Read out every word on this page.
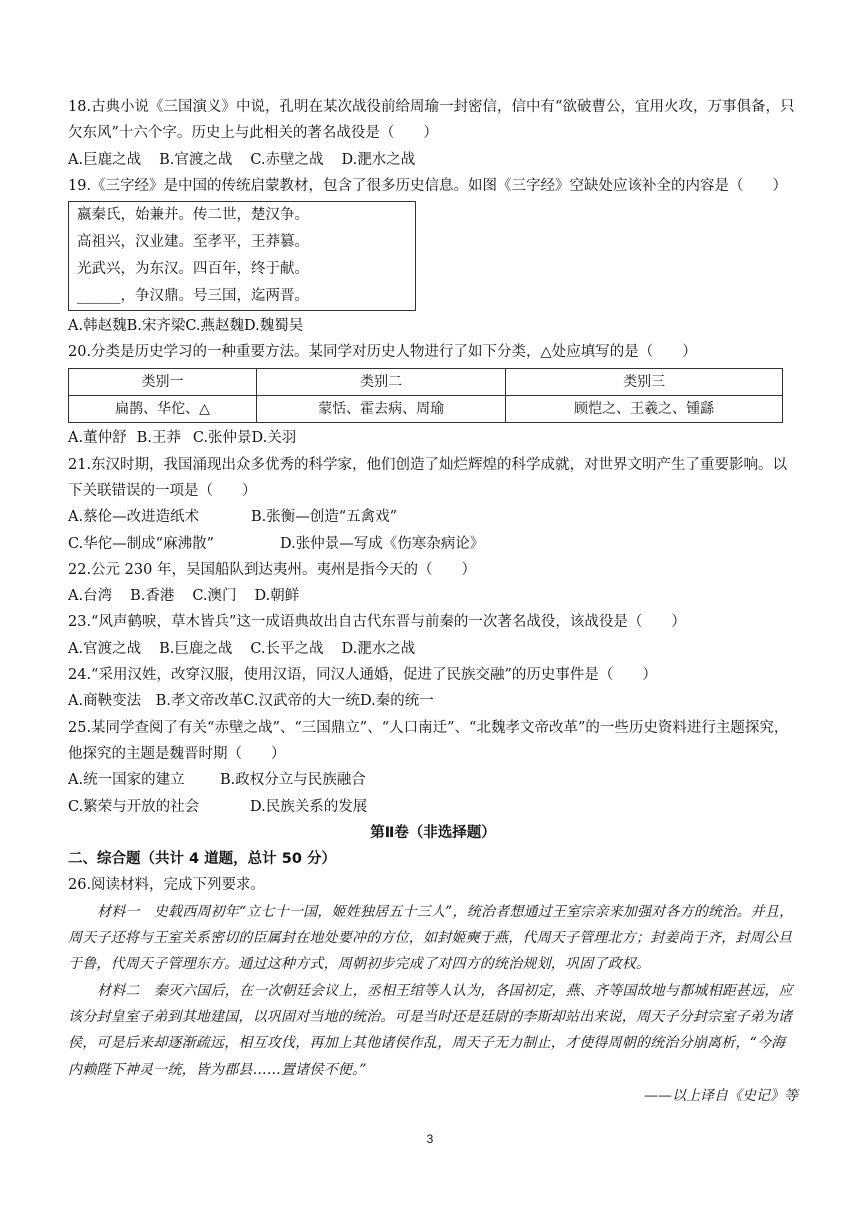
18.古典小说《三国演义》中说，孔明在某次战役前给周瑜一封密信，信中有“欲破曹公，宜用火攻，万事俱备，只欠东风”十六个字。历史上与此相关的著名战役是（　　）

A.巨鹿之战 B.官渡之战 C.赤壁之战 D.淝水之战

19.《三字经》是中国的传统启蒙教材，包含了很多历史信息。如图《三字经》空缺处应该补全的内容是（　　）

嬴秦氏，始兼并。传二世，楚汉争。

高祖兴，汉业建。至孝平，王莽篡。

光武兴，为东汉。四百年，终于献。

______，争汉鼎。号三国，迄两晋。

A.韩赵魏B.宋齐梁C.燕赵魏D.魏蜀吴

20.分类是历史学习的一种重要方法。某同学对历史人物进行了如下分类，△处应填写的是（　　）

类别一	类别二	类别三
扁鹊、华佗、△	蒙恬、霍去病、周瑜	顾恺之、王羲之、锺繇

A.董仲舒 B.王莽 C.张仲景D.关羽

21.东汉时期，我国涌现出众多优秀的科学家，他们创造了灿烂辉煌的科学成就，对世界文明产生了重要影响。以下关联错误的一项是（　　）

A.蔡伦—改进造纸术	B.张衡—创造“五禽戏”

C.华佗—制成“麻沸散”	D.张仲景—写成《伤寒杂病论》

22.公元 230 年，吴国船队到达夷州。夷州是指今天的（　　）

A.台湾 B.香港 C.澳门 D.朝鲜

23.“风声鹤唳，草木皆兵”这一成语典故出自古代东晋与前秦的一次著名战役，该战役是（　　）

A.官渡之战 B.巨鹿之战 C.长平之战 D.淝水之战

24.“采用汉姓，改穿汉服，使用汉语，同汉人通婚，促进了民族交融”的历史事件是（　　）

A.商鞅变法　B.孝文帝改革C.汉武帝的大一统D.秦的统一

25.某同学查阅了有关“赤壁之战”、“三国鼎立”、“人口南迁”、“北魏孝文帝改革”的一些历史资料进行主题探究，他探究的主题是魏晋时期（　　）

A.统一国家的建立 B.政权分立与民族融合

C.繁荣与开放的社会	D.民族关系的发展

第Ⅱ卷（非选择题）

二、综合题（共计 4 道题，总计 50 分）

26.阅读材料，完成下列要求。

材料一　史载西周初年“立七十一国，姬姓独居五十三人”，统治者想通过王室宗亲来加强对各方的统治。并且，周天子还将与王室关系密切的臣属封在地处要冲的方位，如封姬奭于燕，代周天子管理北方；封姜尚于齐，封周公旦于鲁，代周天子管理东方。通过这种方式，周朝初步完成了对四方的统治规划，巩固了政权。

材料二　秦灭六国后，在一次朝廷会议上，丞相王绾等人认为，各国初定，燕、齐等国故地与都城相距甚远，应该分封皇室子弟到其地建国，以巩固对当地的统治。可是当时还是廷尉的李斯却站出来说，周天子分封宗室子弟为诸侯，可是后来却逐渐疏远，相互攻伐，再加上其他诸侯作乱，周天子无力制止，才使得周朝的统治分崩离析，“今海内赖陛下神灵一统，皆为郡县……置诸侯不便。”

——以上译自《史记》等

3
